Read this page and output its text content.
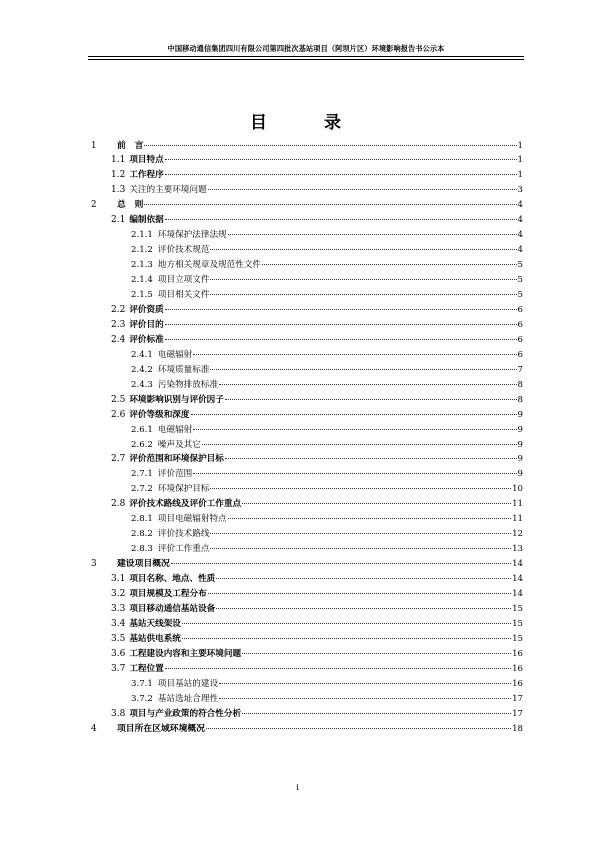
中国移动通信集团四川有限公司第四批次基站项目（阿坝片区）环境影响报告书公示本
目　录
1	前　言	1
1.1 项目特点	1
1.2 工作程序	1
1.3 关注的主要环境问题	3
2	总　则	4
2.1 编制依据	4
2.1.1 环境保护法律法规	4
2.1.2 评价技术规范	4
2.1.3 地方相关规章及规范性文件	5
2.1.4 项目立项文件	5
2.1.5 项目相关文件	5
2.2 评价资质	6
2.3 评价目的	6
2.4 评价标准	6
2.4.1 电磁辐射	6
2.4.2 环境质量标准	7
2.4.3 污染物排放标准	8
2.5 环境影响识别与评价因子	8
2.6 评价等级和深度	9
2.6.1 电磁辐射	9
2.6.2 噪声及其它	9
2.7 评价范围和环境保护目标	9
2.7.1 评价范围	9
2.7.2 环境保护目标	10
2.8 评价技术路线及评价工作重点	11
2.8.1 项目电磁辐射特点	11
2.8.2 评价技术路线	12
2.8.3 评价工作重点	13
3	建设项目概况	14
3.1 项目名称、地点、性质	14
3.2 项目规模及工程分布	14
3.3 项目移动通信基站设备	15
3.4 基站天线架设	15
3.5 基站供电系统	15
3.6 工程建设内容和主要环境问题	16
3.7 工程位置	16
3.7.1 项目基站的建设	16
3.7.2 基站选址合理性	17
3.8 项目与产业政策的符合性分析	17
4	项目所在区域环境概况	18
i
